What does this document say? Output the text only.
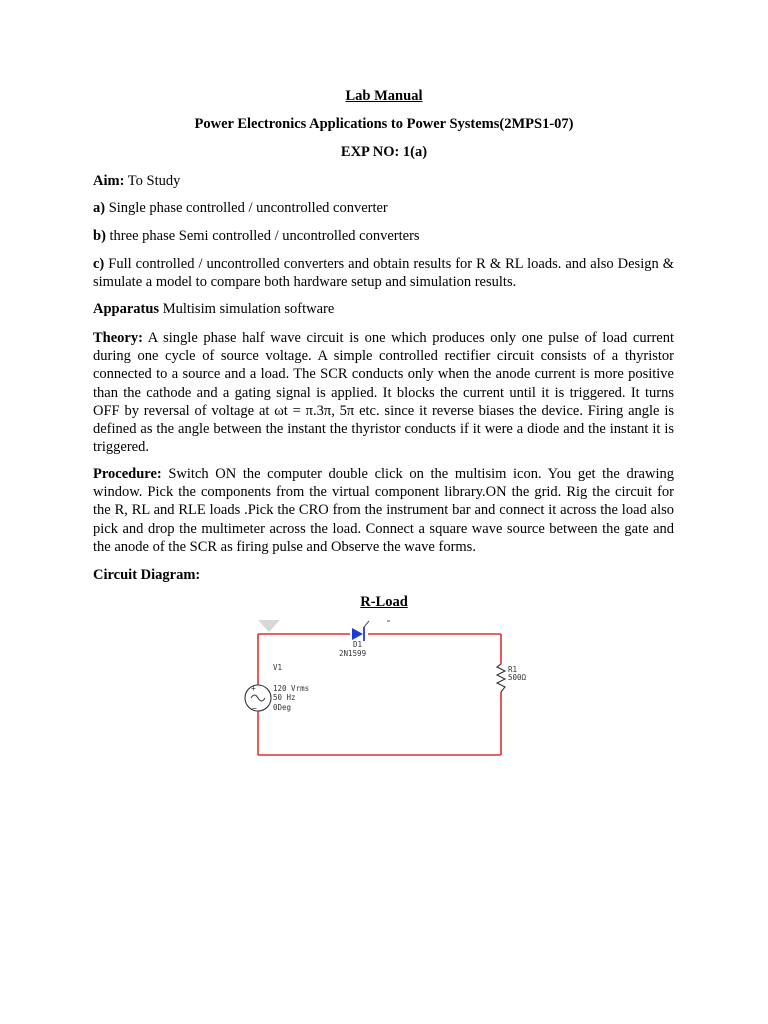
Lab Manual
Power Electronics Applications to Power Systems(2MPS1-07)
EXP NO: 1(a)
Aim: To Study
a) Single phase controlled / uncontrolled converter
b) three phase Semi controlled / uncontrolled converters
c) Full controlled / uncontrolled converters and obtain results for R & RL loads. and also Design & simulate a model to compare both hardware setup and simulation results.
Apparatus Multisim simulation software
Theory: A single phase half wave circuit is one which produces only one pulse of load current during one cycle of source voltage. A simple controlled rectifier circuit consists of a thyristor connected to a source and a load. The SCR conducts only when the anode current is more positive than the cathode and a gating signal is applied. It blocks the current until it is triggered. It turns OFF by reversal of voltage at ωt = π.3π, 5π etc. since it reverse biases the device. Firing angle is defined as the angle between the instant the thyristor conducts if it were a diode and the instant it is triggered.
Procedure: Switch ON the computer double click on the multisim icon. You get the drawing window. Pick the components from the virtual component library.ON the grid. Rig the circuit for the R, RL and RLE loads .Pick the CRO from the instrument bar and connect it across the load also pick and drop the multimeter across the load. Connect a square wave source between the gate and the anode of the SCR as firing pulse and Observe the wave forms.
Circuit Diagram:
R-Load
D1
2N1599
R1
500Ω
+
−
V1
120 Vrms
50 Hz
0Deg
